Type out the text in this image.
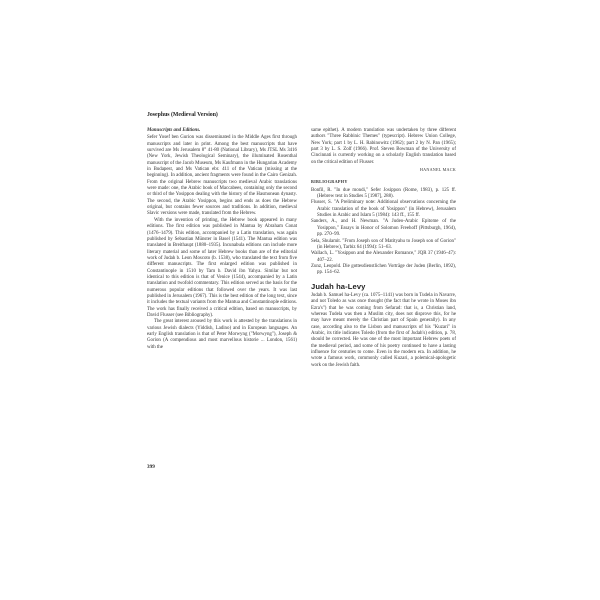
Josephus (Medieval Version)

Manuscripts and Editions.

Sefer Yosef ben Gurion was disseminated in the Middle Ages first through manuscripts and later in print. Among the best manuscripts that have survived are Ms Jerusalem 8° 41-80 (National Library), Ms JTSL Ms 3416 (New York, Jewish Theological Seminary), the illuminated Rosenthal manuscript of the Jacob Museum, Ms Kaufmann in the Hungarian Academy in Budapest, and Ms Vatican ebr. 411 of the Vatican (missing at the beginning). In addition, ancient fragments were found in the Cairo Genizah. From the original Hebrew manuscripts two medieval Arabic translations were made: one, the Arabic book of Maccabees, containing only the second or third of the Yosippon dealing with the history of the Hasmonean dynasty. The second, the Arabic Yosippon, begins and ends as does the Hebrew original, but contains fewer sources and traditions. In addition, medieval Slavic versions were made, translated from the Hebrew.

With the invention of printing, the Hebrew book appeared in many editions. The first edition was published in Mantua by Abraham Conat (1476–1479). This edition, accompanied by a Latin translation, was again published by Sebastian Münster in Basel (1541). The Mantua edition was translated in Breithaupt (1880–1935). Incunabula editions can include more literary material and some of later Hebrew books than are of the editorial work of Judah b. Leon Moscoto (b. 1538), who translated the text from five different manuscripts. The first enlarged edition was published in Constantinople in 1510 by Tam b. David ibn Yahya. Similar but not identical to this edition is that of Venice (1544), accompanied by a Latin translation and twofold commentary. This edition served as the basis for the numerous popular editions that followed over the years. It was last published in Jerusalem (1967). This is the best edition of the long text, since it includes the textual variants from the Mantua and Constantinople editions. The work has finally received a critical edition, based on manuscripts, by David Flusser (see Bibliography).

The great interest aroused by this work is attested by the translations in various Jewish dialects (Yiddish, Ladino) and in European languages. An early English translation is that of Peter Morwyng ("Morwyng"), Joseph & Gorion (A compendious and most marvellous historie ... London, 1561) with the

same epithet). A modern translation was undertaken by three different authors "Three Rabbinic Themes" (typescript). Hebrew Union College, New York; part 1 by L. H. Rabinowitz (1962); part 2 by N. Pan (1965); part 3 by L. S. Zolf (1966). Prof. Steven Bowman of the University of Cincinnati is currently working on a scholarly English translation based on the critical edition of Flusser.

HANANEL MACK

BIBLIOGRAPHY

Bonfil, R. "In due mondi," Sefer Josippon (Rome, 1983), p. 125 ff. (Hebrew text in Studies 5 [1987], 288).

Flusser, S. "A Preliminary note: Additional observations concerning the Arabic translation of the book of Yosippon" (in Hebrew), Jerusalem Studies in Arabic and Islam 5 (1984): 143 ff., 155 ff.

Sanders, A., and H. Newman. "A Judeo-Arabic Epitome of the Yosippon," Essays in Honor of Solomon Freehoff (Pittsburgh, 1964), pp. 270–99.

Sela, Shulamit. "From Joseph son of Matityahu to Joseph son of Gorion" (in Hebrew), Tarbiz 64 (1994): 51–63.

Wallach, L. "Yosippon and the Alexander Romance," JQR 37 (1946–47): 407–22.

Zunz, Leopold. Die gottesdienstlichen Vorträge der Juden (Berlin, 1892), pp. 154–62.

Judah ha-Levy

Judah b. Samuel ha-Levy (ca. 1075–1141) was born in Tudela in Navarre, and not Toledo as was once thought (the fact that he wrote in Moses ibn Ezra's") that he was coming from Sefarad: that is, a Christian land, whereas Tudela was then a Muslim city, does not disprove this, for he may have meant merely the Christian part of Spain generally). In any case, according also to the Lisbon and manuscripts of his "Kuzari" in Arabic, its title indicates Toledo (from the first of Judah's) edition, p. 78, should be corrected. He was one of the most important Hebrew poets of the medieval period, and some of his poetry continued to have a lasting influence for centuries to come. Even in the modern era. In addition, he wrote a famous work, commonly called Kuzari, a polemical-apologetic work on the Jewish faith.

399
